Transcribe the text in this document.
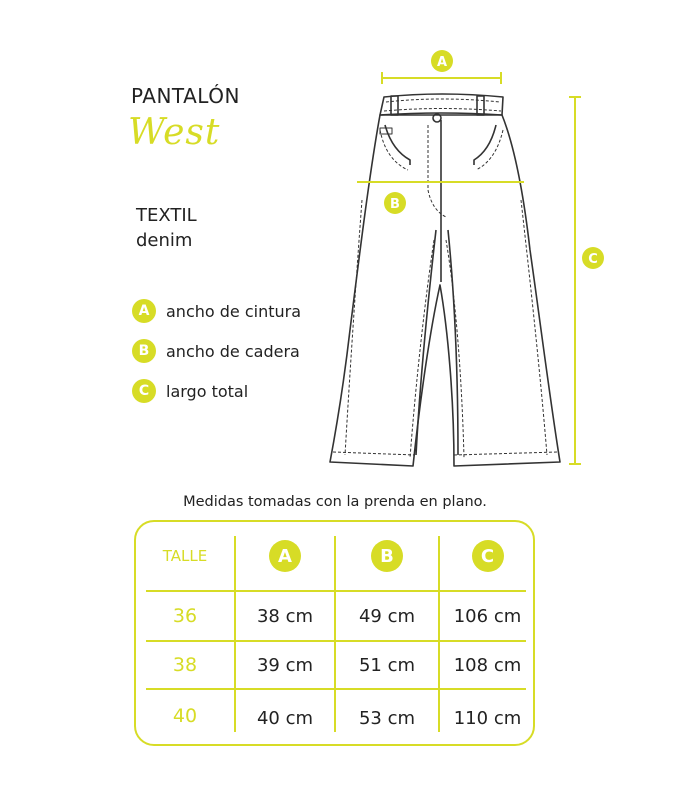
PANTALÓN
West
TEXTIL
denim
A	ancho de cintura
B	ancho de cadera
C	largo total
A
B
C
Medidas tomadas con la prenda en plano.
TALLE	A	B	C
36	38 cm	49 cm	106 cm
38	39 cm	51 cm	108 cm
40	40 cm	53 cm	110 cm
